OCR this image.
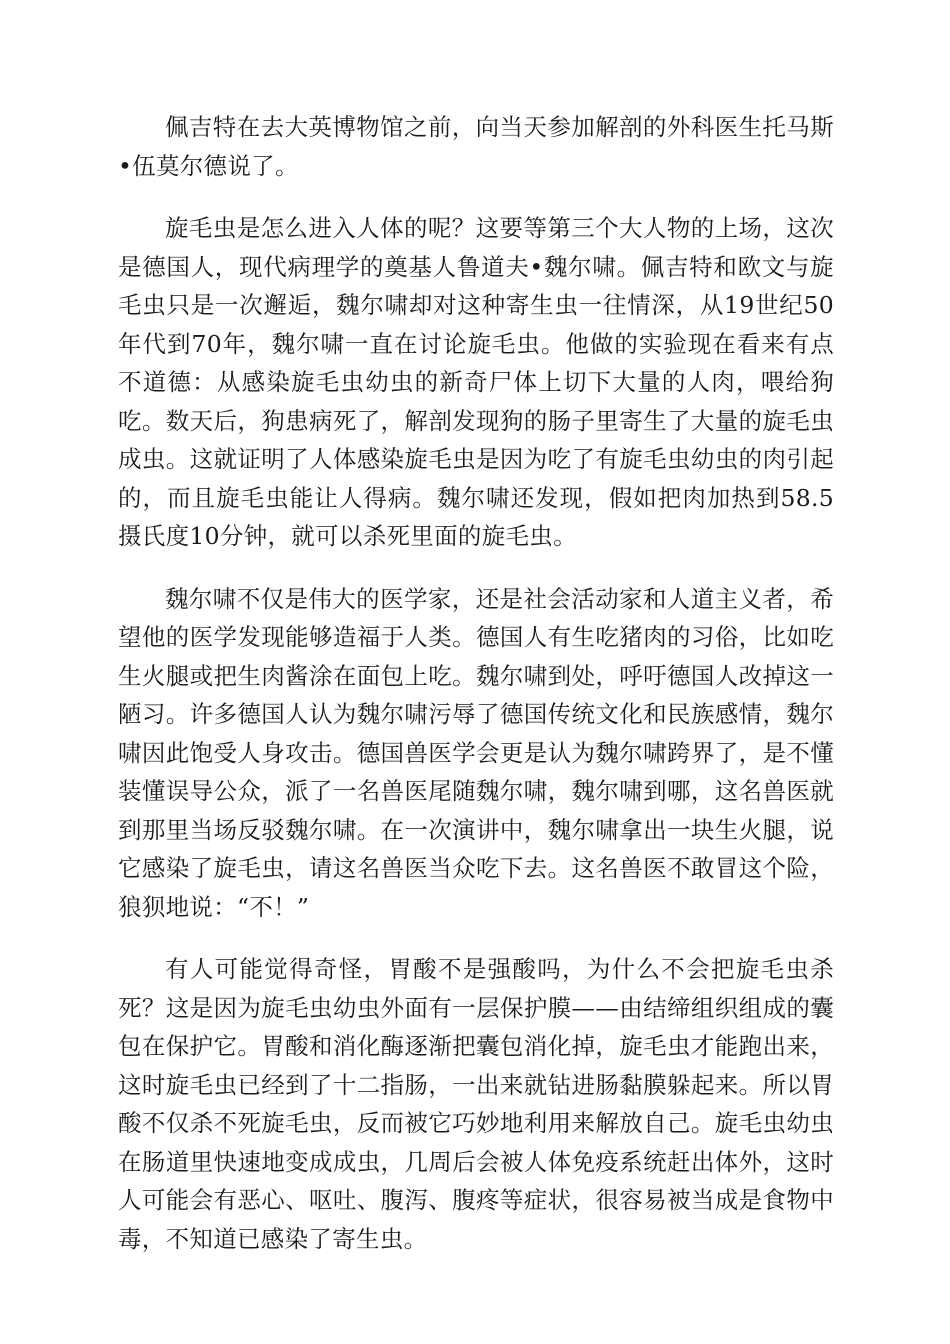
佩吉特在去大英博物馆之前，向当天参加解剖的外科医生托马斯•伍莫尔德说了。

旋毛虫是怎么进入人体的呢？这要等第三个大人物的上场，这次是德国人，现代病理学的奠基人鲁道夫•魏尔啸。佩吉特和欧文与旋毛虫只是一次邂逅，魏尔啸却对这种寄生虫一往情深，从19世纪50年代到70年，魏尔啸一直在讨论旋毛虫。他做的实验现在看来有点不道德：从感染旋毛虫幼虫的新奇尸体上切下大量的人肉，喂给狗吃。数天后，狗患病死了，解剖发现狗的肠子里寄生了大量的旋毛虫成虫。这就证明了人体感染旋毛虫是因为吃了有旋毛虫幼虫的肉引起的，而且旋毛虫能让人得病。魏尔啸还发现，假如把肉加热到58.5摄氏度10分钟，就可以杀死里面的旋毛虫。

魏尔啸不仅是伟大的医学家，还是社会活动家和人道主义者，希望他的医学发现能够造福于人类。德国人有生吃猪肉的习俗，比如吃生火腿或把生肉酱涂在面包上吃。魏尔啸到处，呼吁德国人改掉这一陋习。许多德国人认为魏尔啸污辱了德国传统文化和民族感情，魏尔啸因此饱受人身攻击。德国兽医学会更是认为魏尔啸跨界了，是不懂装懂误导公众，派了一名兽医尾随魏尔啸，魏尔啸到哪，这名兽医就到那里当场反驳魏尔啸。在一次演讲中，魏尔啸拿出一块生火腿，说它感染了旋毛虫，请这名兽医当众吃下去。这名兽医不敢冒这个险，狼狈地说：“不！”

有人可能觉得奇怪，胃酸不是强酸吗，为什么不会把旋毛虫杀死？这是因为旋毛虫幼虫外面有一层保护膜——由结缔组织组成的囊包在保护它。胃酸和消化酶逐渐把囊包消化掉，旋毛虫才能跑出来，这时旋毛虫已经到了十二指肠，一出来就钻进肠黏膜躲起来。所以胃酸不仅杀不死旋毛虫，反而被它巧妙地利用来解放自己。旋毛虫幼虫在肠道里快速地变成成虫，几周后会被人体免疫系统赶出体外，这时人可能会有恶心、呕吐、腹泻、腹疼等症状，很容易被当成是食物中毒，不知道已感染了寄生虫。
